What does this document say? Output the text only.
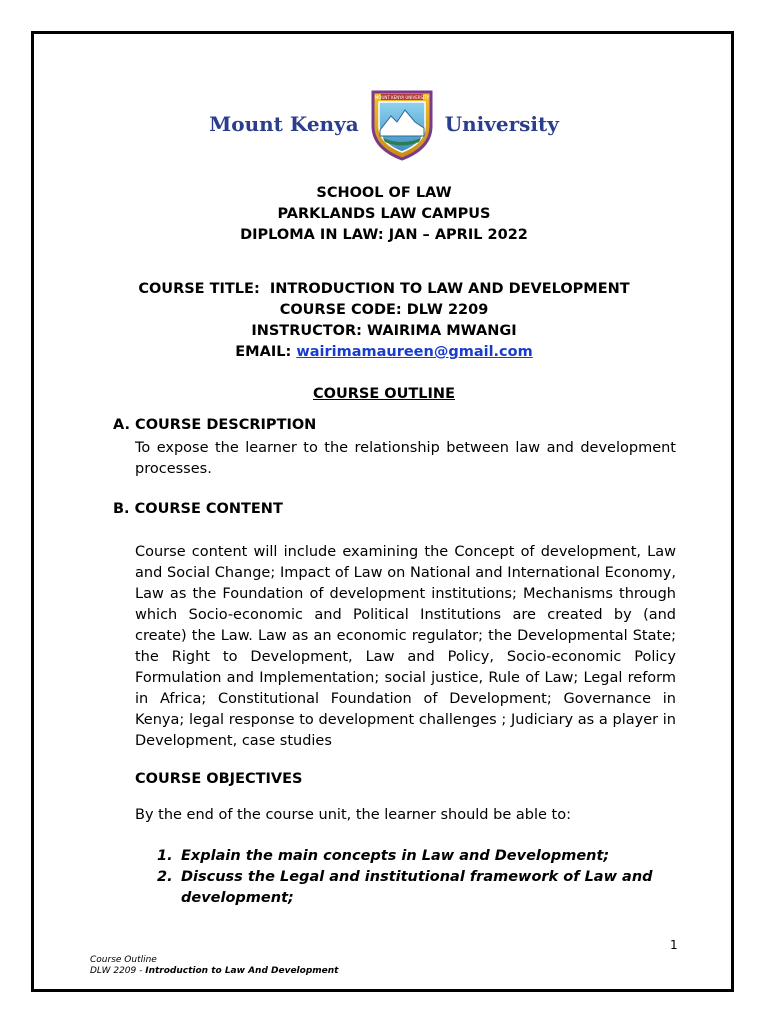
Mount Kenya
MOUNT KENYA UNIVERSITY
University
SCHOOL OF LAW
PARKLANDS LAW CAMPUS
DIPLOMA IN LAW: JAN – APRIL 2022
COURSE TITLE:  INTRODUCTION TO LAW AND DEVELOPMENT
COURSE CODE: DLW 2209
INSTRUCTOR: WAIRIMA MWANGI
EMAIL: wairimamaureen@gmail.com
COURSE OUTLINE
A. COURSE DESCRIPTION
To expose the learner to the relationship between law and development processes.
B. COURSE CONTENT
Course content will include examining the Concept of development, Law and Social Change; Impact of Law on National and International Economy, Law as the Foundation of development institutions; Mechanisms through which Socio-economic and Political Institutions are created by (and create) the Law. Law as an economic regulator; the Developmental State; the Right to Development, Law and Policy, Socio-economic Policy Formulation and Implementation; social justice, Rule of Law; Legal reform in Africa; Constitutional Foundation of Development; Governance in Kenya; legal response to development challenges ; Judiciary as a player in Development, case studies
COURSE OBJECTIVES
By the end of the course unit, the learner should be able to:
1. Explain the main concepts in Law and Development;
2. Discuss the Legal and institutional framework of Law and development;
1
Course Outline
DLW 2209 - Introduction to Law And Development
